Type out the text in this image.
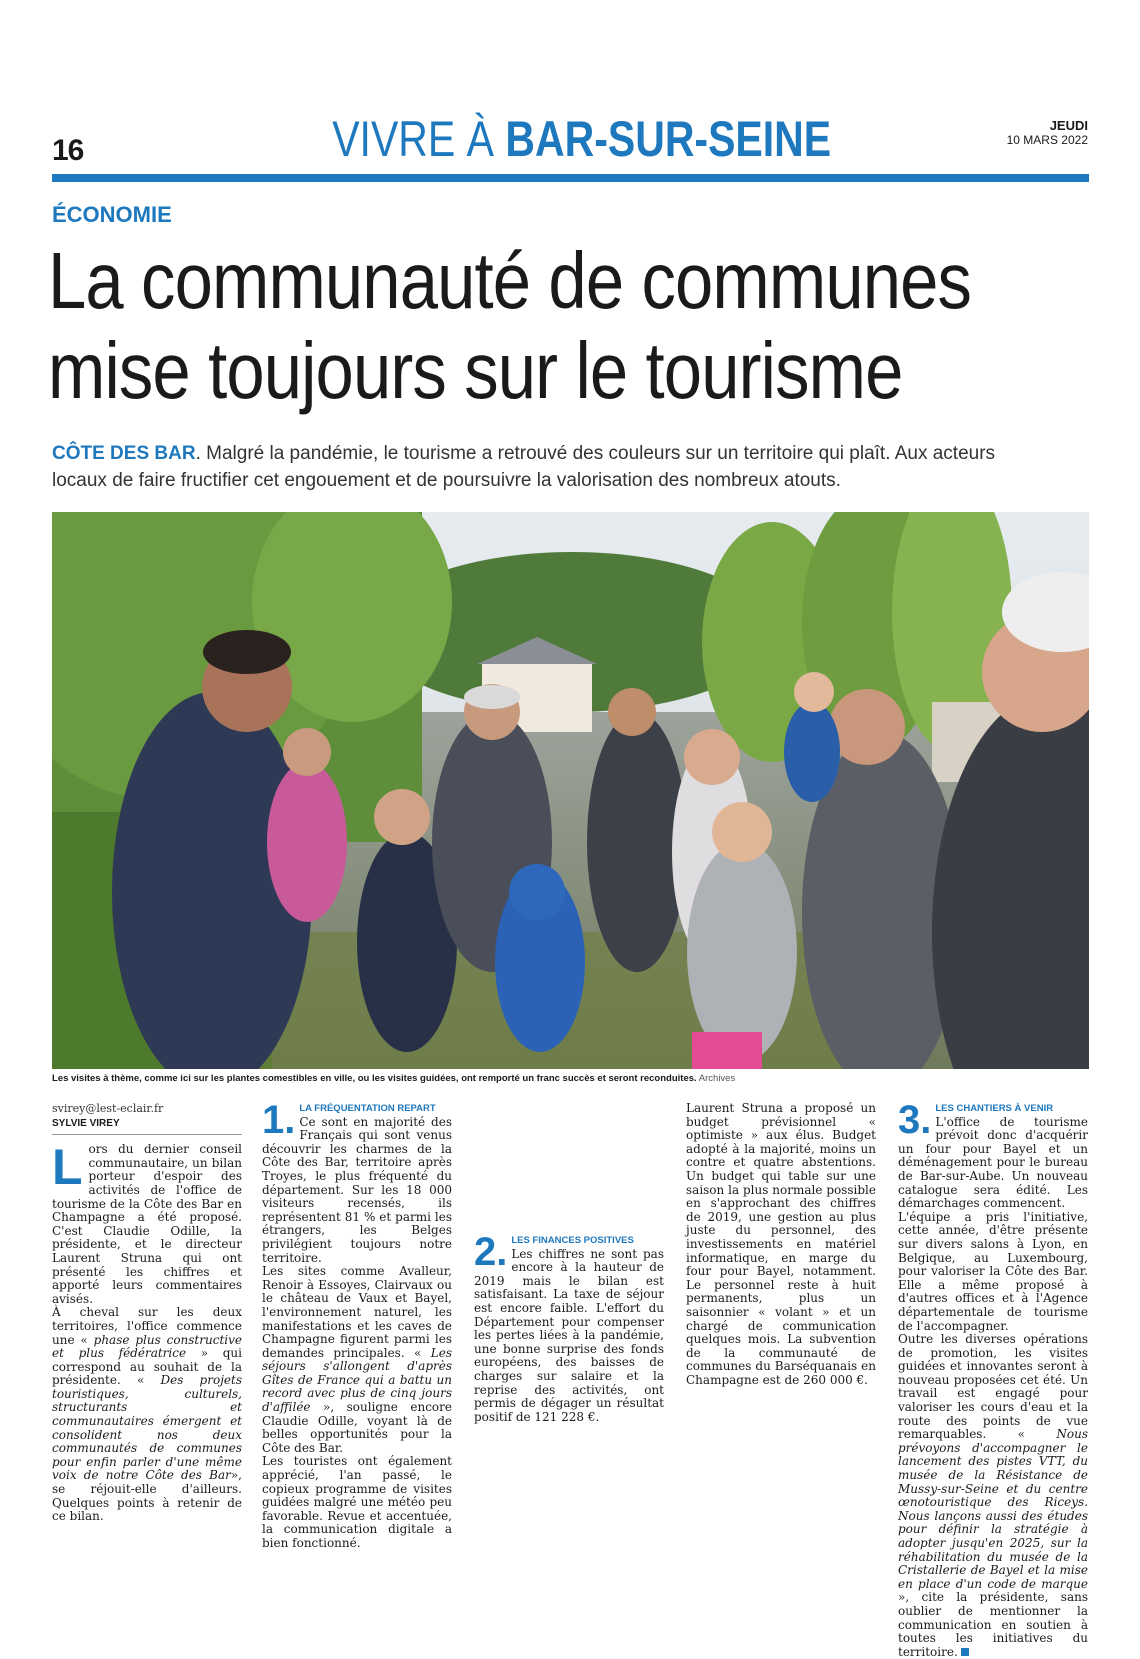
16	VIVRE À BAR-SUR-SEINE	JEUDI
10 MARS 2022
ÉCONOMIE
La communauté de communes
mise toujours sur le tourisme
CÔTE DES BAR. Malgré la pandémie, le tourisme a retrouvé des couleurs sur un territoire qui plaît. Aux acteurs locaux de faire fructifier cet engouement et de poursuivre la valorisation des nombreux atouts.
Les visites à thème, comme ici sur les plantes comestibles en ville, ou les visites guidées, ont remporté un franc succès et seront reconduites. Archives
svirey@lest-eclair.fr
SYLVIE VIREY

Lors du dernier conseil communautaire, un bilan porteur d'espoir des activités de l'office de tourisme de la Côte des Bar en Champagne a été proposé. C'est Claudie Odille, la présidente, et le directeur Laurent Struna qui ont présenté les chiffres et apporté leurs commentaires avisés.

À cheval sur les deux territoires, l'office commence une « phase plus constructive et plus fédératrice » qui correspond au souhait de la présidente. « Des projets touristiques, culturels, structurants et communautaires émergent et consolident nos deux communautés de communes pour enfin parler d'une même voix de notre Côte des Bar», se réjouit-elle d'ailleurs. Quelques points à retenir de ce bilan.

1. LA FRÉQUENTATION REPART

Ce sont en majorité des Français qui sont venus découvrir les charmes de la Côte des Bar, territoire après Troyes, le plus fréquenté du département. Sur les 18 000 visiteurs recensés, ils représentent 81 % et parmi les étrangers, les Belges privilégient toujours notre territoire.

Les sites comme Avalleur, Renoir à Essoyes, Clairvaux ou le château de Vaux et Bayel, l'environnement naturel, les manifestations et les caves de Champagne figurent parmi les demandes principales. « Les séjours s'allongent d'après Gîtes de France qui a battu un record avec plus de cinq jours d'affilée », souligne encore Claudie Odille, voyant là de belles opportunités pour la Côte des Bar.

Les touristes ont également apprécié, l'an passé, le copieux programme de visites guidées malgré une météo peu favorable. Revue et accentuée, la communication digitale a bien fonctionné.

2. LES FINANCES POSITIVES

Les chiffres ne sont pas encore à la hauteur de 2019 mais le bilan est satisfaisant. La taxe de séjour est encore faible. L'effort du Département pour compenser les pertes liées à la pandémie, une bonne surprise des fonds européens, des baisses de charges sur salaire et la reprise des activités, ont permis de dégager un résultat positif de 121 228 €.

Laurent Struna a proposé un budget prévisionnel « optimiste » aux élus. Budget adopté à la majorité, moins un contre et quatre abstentions. Un budget qui table sur une saison la plus normale possible en s'approchant des chiffres de 2019, une gestion au plus juste du personnel, des investissements en matériel informatique, en marge du four pour Bayel, notamment. Le personnel reste à huit permanents, plus un saisonnier « volant » et un chargé de communication quelques mois. La subvention de la communauté de communes du Barséquanais en Champagne est de 260 000 €.

3. LES CHANTIERS À VENIR

L'office de tourisme prévoit donc d'acquérir un four pour Bayel et un déménagement pour le bureau de Bar-sur-Aube. Un nouveau catalogue sera édité. Les démarchages commencent.

L'équipe a pris l'initiative, cette année, d'être présente sur divers salons à Lyon, en Belgique, au Luxembourg, pour valoriser la Côte des Bar. Elle a même proposé à d'autres offices et à l'Agence départementale de tourisme de l'accompagner.

Outre les diverses opérations de promotion, les visites guidées et innovantes seront à nouveau proposées cet été. Un travail est engagé pour valoriser les cours d'eau et la route des points de vue remarquables. «	Nous prévoyons d'accompagner le lancement des pistes VTT, du musée de la Résistance de Mussy-sur-Seine et du centre œnotouristique des Riceys. Nous lançons aussi des études pour définir la stratégie à adopter jusqu'en 2025, sur la réhabilitation du musée de la Cristallerie de Bayel et la mise en place d'un code de marque », cite la présidente, sans oublier de mentionner la communication en soutien à toutes les initiatives du territoire.
